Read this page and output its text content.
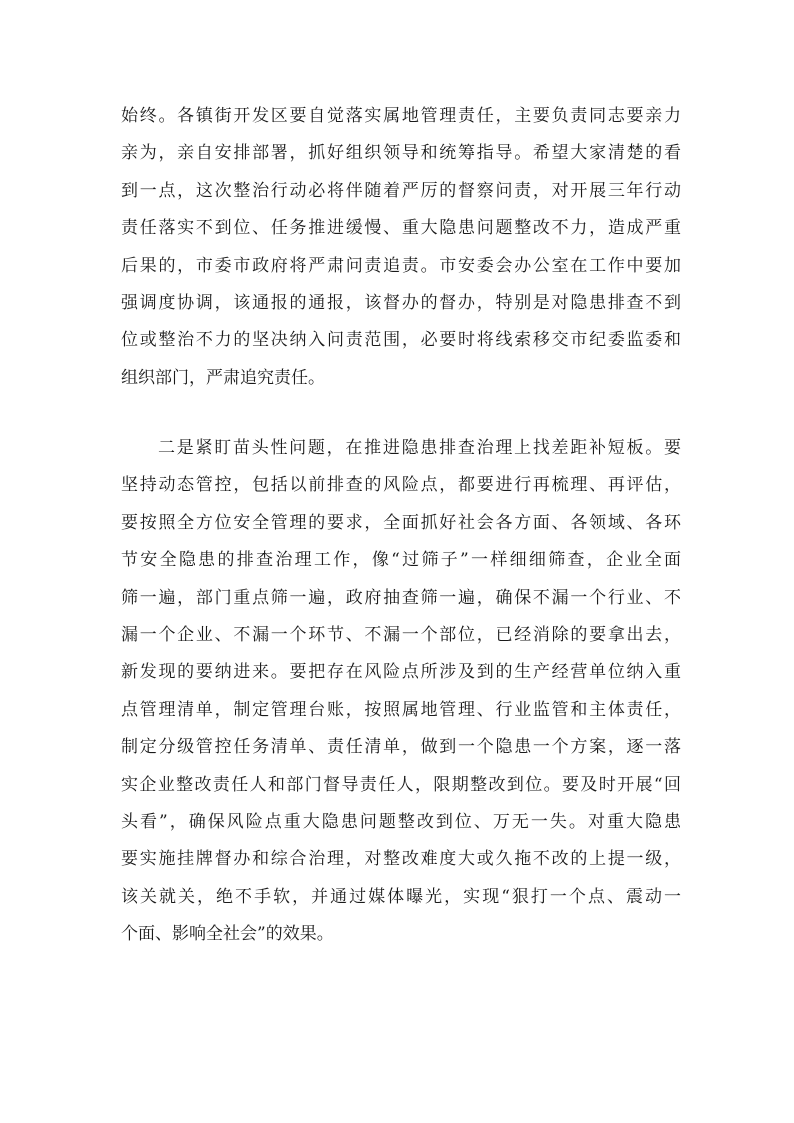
始终。各镇街开发区要自觉落实属地管理责任，主要负责同志要亲力
亲为，亲自安排部署，抓好组织领导和统筹指导。希望大家清楚的看
到一点，这次整治行动必将伴随着严厉的督察问责，对开展三年行动
责任落实不到位、任务推进缓慢、重大隐患问题整改不力，造成严重
后果的，市委市政府将严肃问责追责。市安委会办公室在工作中要加
强调度协调，该通报的通报，该督办的督办，特别是对隐患排查不到
位或整治不力的坚决纳入问责范围，必要时将线索移交市纪委监委和
组织部门，严肃追究责任。
二是紧盯苗头性问题，在推进隐患排查治理上找差距补短板。要
坚持动态管控，包括以前排查的风险点，都要进行再梳理、再评估，
要按照全方位安全管理的要求，全面抓好社会各方面、各领域、各环
节安全隐患的排查治理工作，像“过筛子”一样细细筛查，企业全面
筛一遍，部门重点筛一遍，政府抽查筛一遍，确保不漏一个行业、不
漏一个企业、不漏一个环节、不漏一个部位，已经消除的要拿出去，
新发现的要纳进来。要把存在风险点所涉及到的生产经营单位纳入重
点管理清单，制定管理台账，按照属地管理、行业监管和主体责任，
制定分级管控任务清单、责任清单，做到一个隐患一个方案，逐一落
实企业整改责任人和部门督导责任人，限期整改到位。要及时开展“回
头看”，确保风险点重大隐患问题整改到位、万无一失。对重大隐患
要实施挂牌督办和综合治理，对整改难度大或久拖不改的上提一级，
该关就关，绝不手软，并通过媒体曝光，实现“狠打一个点、震动一
个面、影响全社会”的效果。
